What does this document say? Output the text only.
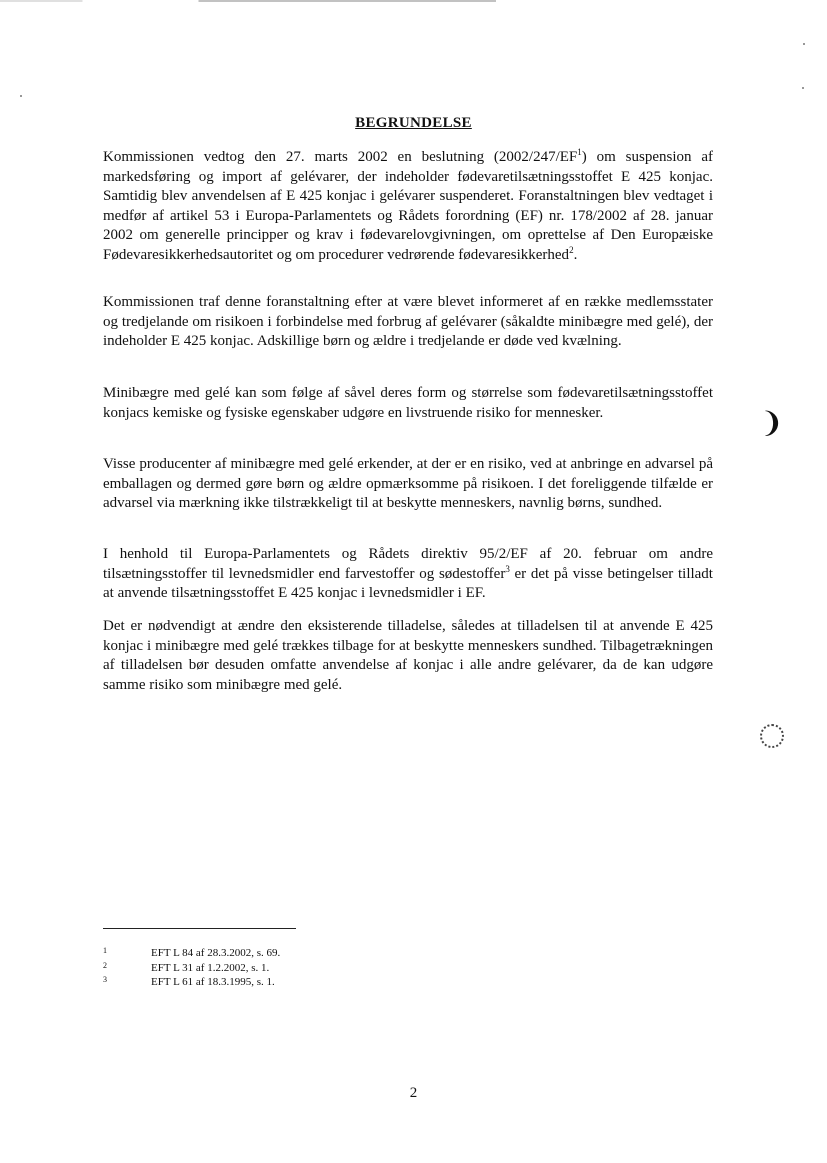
BEGRUNDELSE

Kommissionen vedtog den 27. marts 2002 en beslutning $(2002/247/EF^1)$ om suspension af markedsføring og import af gelévarer, der indeholder fødevaretilsætningsstoffet E 425 konjac. Samtidig blev anvendelsen af E 425 konjac i gelévarer suspenderet. Foranstaltningen blev vedtaget i medfør af artikel 53 i Europa-Parlamentets og Rådets forordning (EF) nr. 178/2002 af 28. januar 2002 om generelle principper og krav i fødevarelovgivningen, om oprettelse af Den Europæiske Fødevaresikkerhedsautoritet og om procedurer vedrørende fødevaresikkerhed$^2$.

Kommissionen traf denne foranstaltning efter at være blevet informeret af en række medlemsstater og tredjelande om risikoen i forbindelse med forbrug af gelévarer (såkaldte minibægre med gelé), der indeholder E 425 konjac. Adskillige børn og ældre i tredjelande er døde ved kvælning.

Minibægre med gelé kan som følge af såvel deres form og størrelse som fødevaretilsætningsstoffet konjacs kemiske og fysiske egenskaber udgøre en livstruende risiko for mennesker.

Visse producenter af minibægre med gelé erkender, at der er en risiko, ved at anbringe en advarsel på emballagen og dermed gøre børn og ældre opmærksomme på risikoen. I det foreliggende tilfælde er advarsel via mærkning ikke tilstrækkeligt til at beskytte menneskers, navnlig børns, sundhed.

I henhold til Europa-Parlamentets og Rådets direktiv 95/2/EF af 20. februar om andre tilsætningsstoffer til levnedsmidler end farvestoffer og sødestoffer$^3$ er det på visse betingelser tilladt at anvende tilsætningsstoffet E 425 konjac i levnedsmidler i EF.

Det er nødvendigt at ændre den eksisterende tilladelse, således at tilladelsen til at anvende E 425 konjac i minibægre med gelé trækkes tilbage for at beskytte menneskers sundhed. Tilbagetrækningen af tilladelsen bør desuden omfatte anvendelse af konjac i alle andre gelévarer, da de kan udgøre samme risiko som minibægre med gelé.

❩
1	EFT L 84 af 28.3.2002, s. 69.
2	EFT L 31 af 1.2.2002, s. 1.
3	EFT L 61 af 18.3.1995, s. 1.
2
